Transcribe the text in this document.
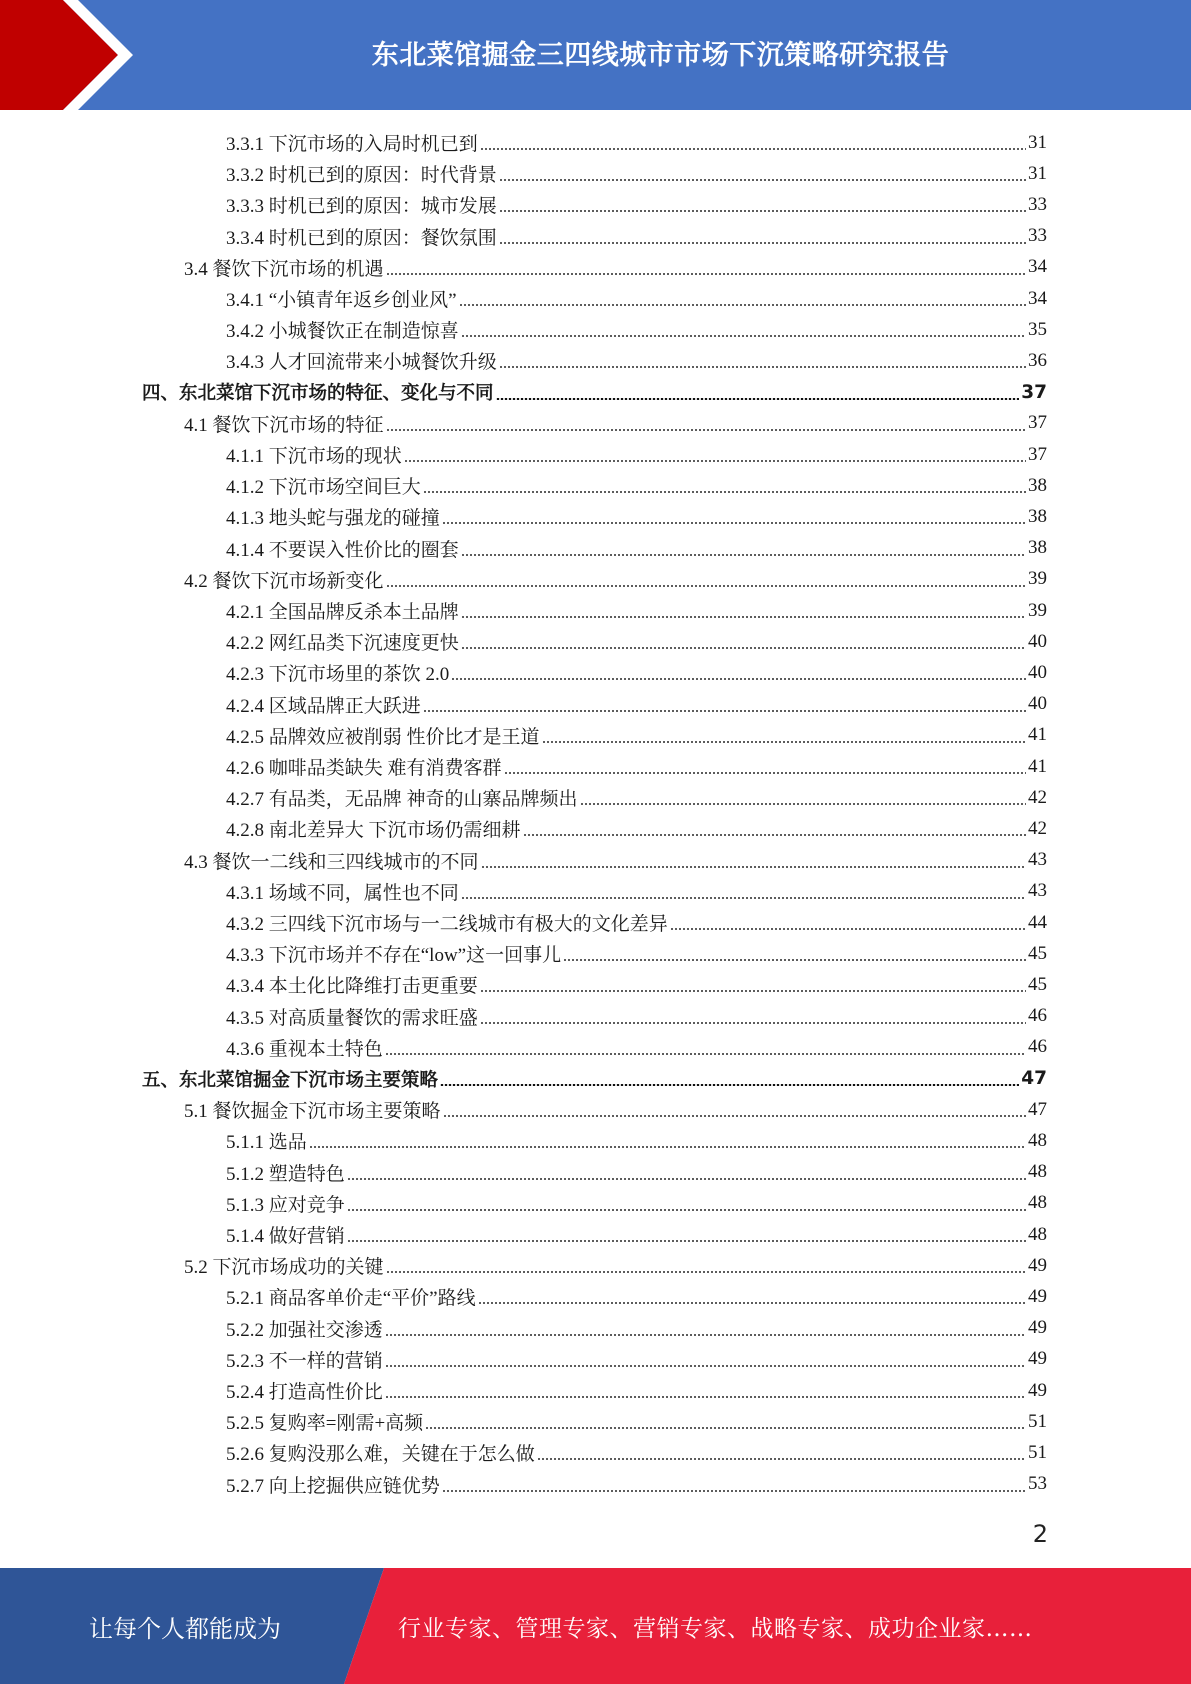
东北菜馆掘金三四线城市市场下沉策略研究报告
3.3.1 下沉市场的入局时机已到	31
3.3.2 时机已到的原因：时代背景	31
3.3.3 时机已到的原因：城市发展	33
3.3.4 时机已到的原因：餐饮氛围	33
3.4 餐饮下沉市场的机遇	34
3.4.1 “小镇青年返乡创业风”	34
3.4.2 小城餐饮正在制造惊喜	35
3.4.3 人才回流带来小城餐饮升级	36
四、东北菜馆下沉市场的特征、变化与不同	37
4.1 餐饮下沉市场的特征	37
4.1.1 下沉市场的现状	37
4.1.2 下沉市场空间巨大	38
4.1.3 地头蛇与强龙的碰撞	38
4.1.4 不要误入性价比的圈套	38
4.2 餐饮下沉市场新变化	39
4.2.1 全国品牌反杀本土品牌	39
4.2.2 网红品类下沉速度更快	40
4.2.3 下沉市场里的茶饮 2.0	40
4.2.4 区域品牌正大跃进	40
4.2.5 品牌效应被削弱 性价比才是王道	41
4.2.6 咖啡品类缺失 难有消费客群	41
4.2.7 有品类，无品牌 神奇的山寨品牌频出	42
4.2.8 南北差异大 下沉市场仍需细耕	42
4.3 餐饮一二线和三四线城市的不同	43
4.3.1 场域不同，属性也不同	43
4.3.2 三四线下沉市场与一二线城市有极大的文化差异	44
4.3.3 下沉市场并不存在“low”这一回事儿	45
4.3.4 本土化比降维打击更重要	45
4.3.5 对高质量餐饮的需求旺盛	46
4.3.6 重视本土特色	46
五、东北菜馆掘金下沉市场主要策略	47
5.1 餐饮掘金下沉市场主要策略	47
5.1.1 选品	48
5.1.2 塑造特色	48
5.1.3 应对竞争	48
5.1.4 做好营销	48
5.2 下沉市场成功的关键	49
5.2.1 商品客单价走“平价”路线	49
5.2.2 加强社交渗透	49
5.2.3 不一样的营销	49
5.2.4 打造高性价比	49
5.2.5 复购率=刚需+高频	51
5.2.6 复购没那么难，关键在于怎么做	51
5.2.7 向上挖掘供应链优势	53
2
让每个人都能成为	行业专家、管理专家、营销专家、战略专家、成功企业家……
